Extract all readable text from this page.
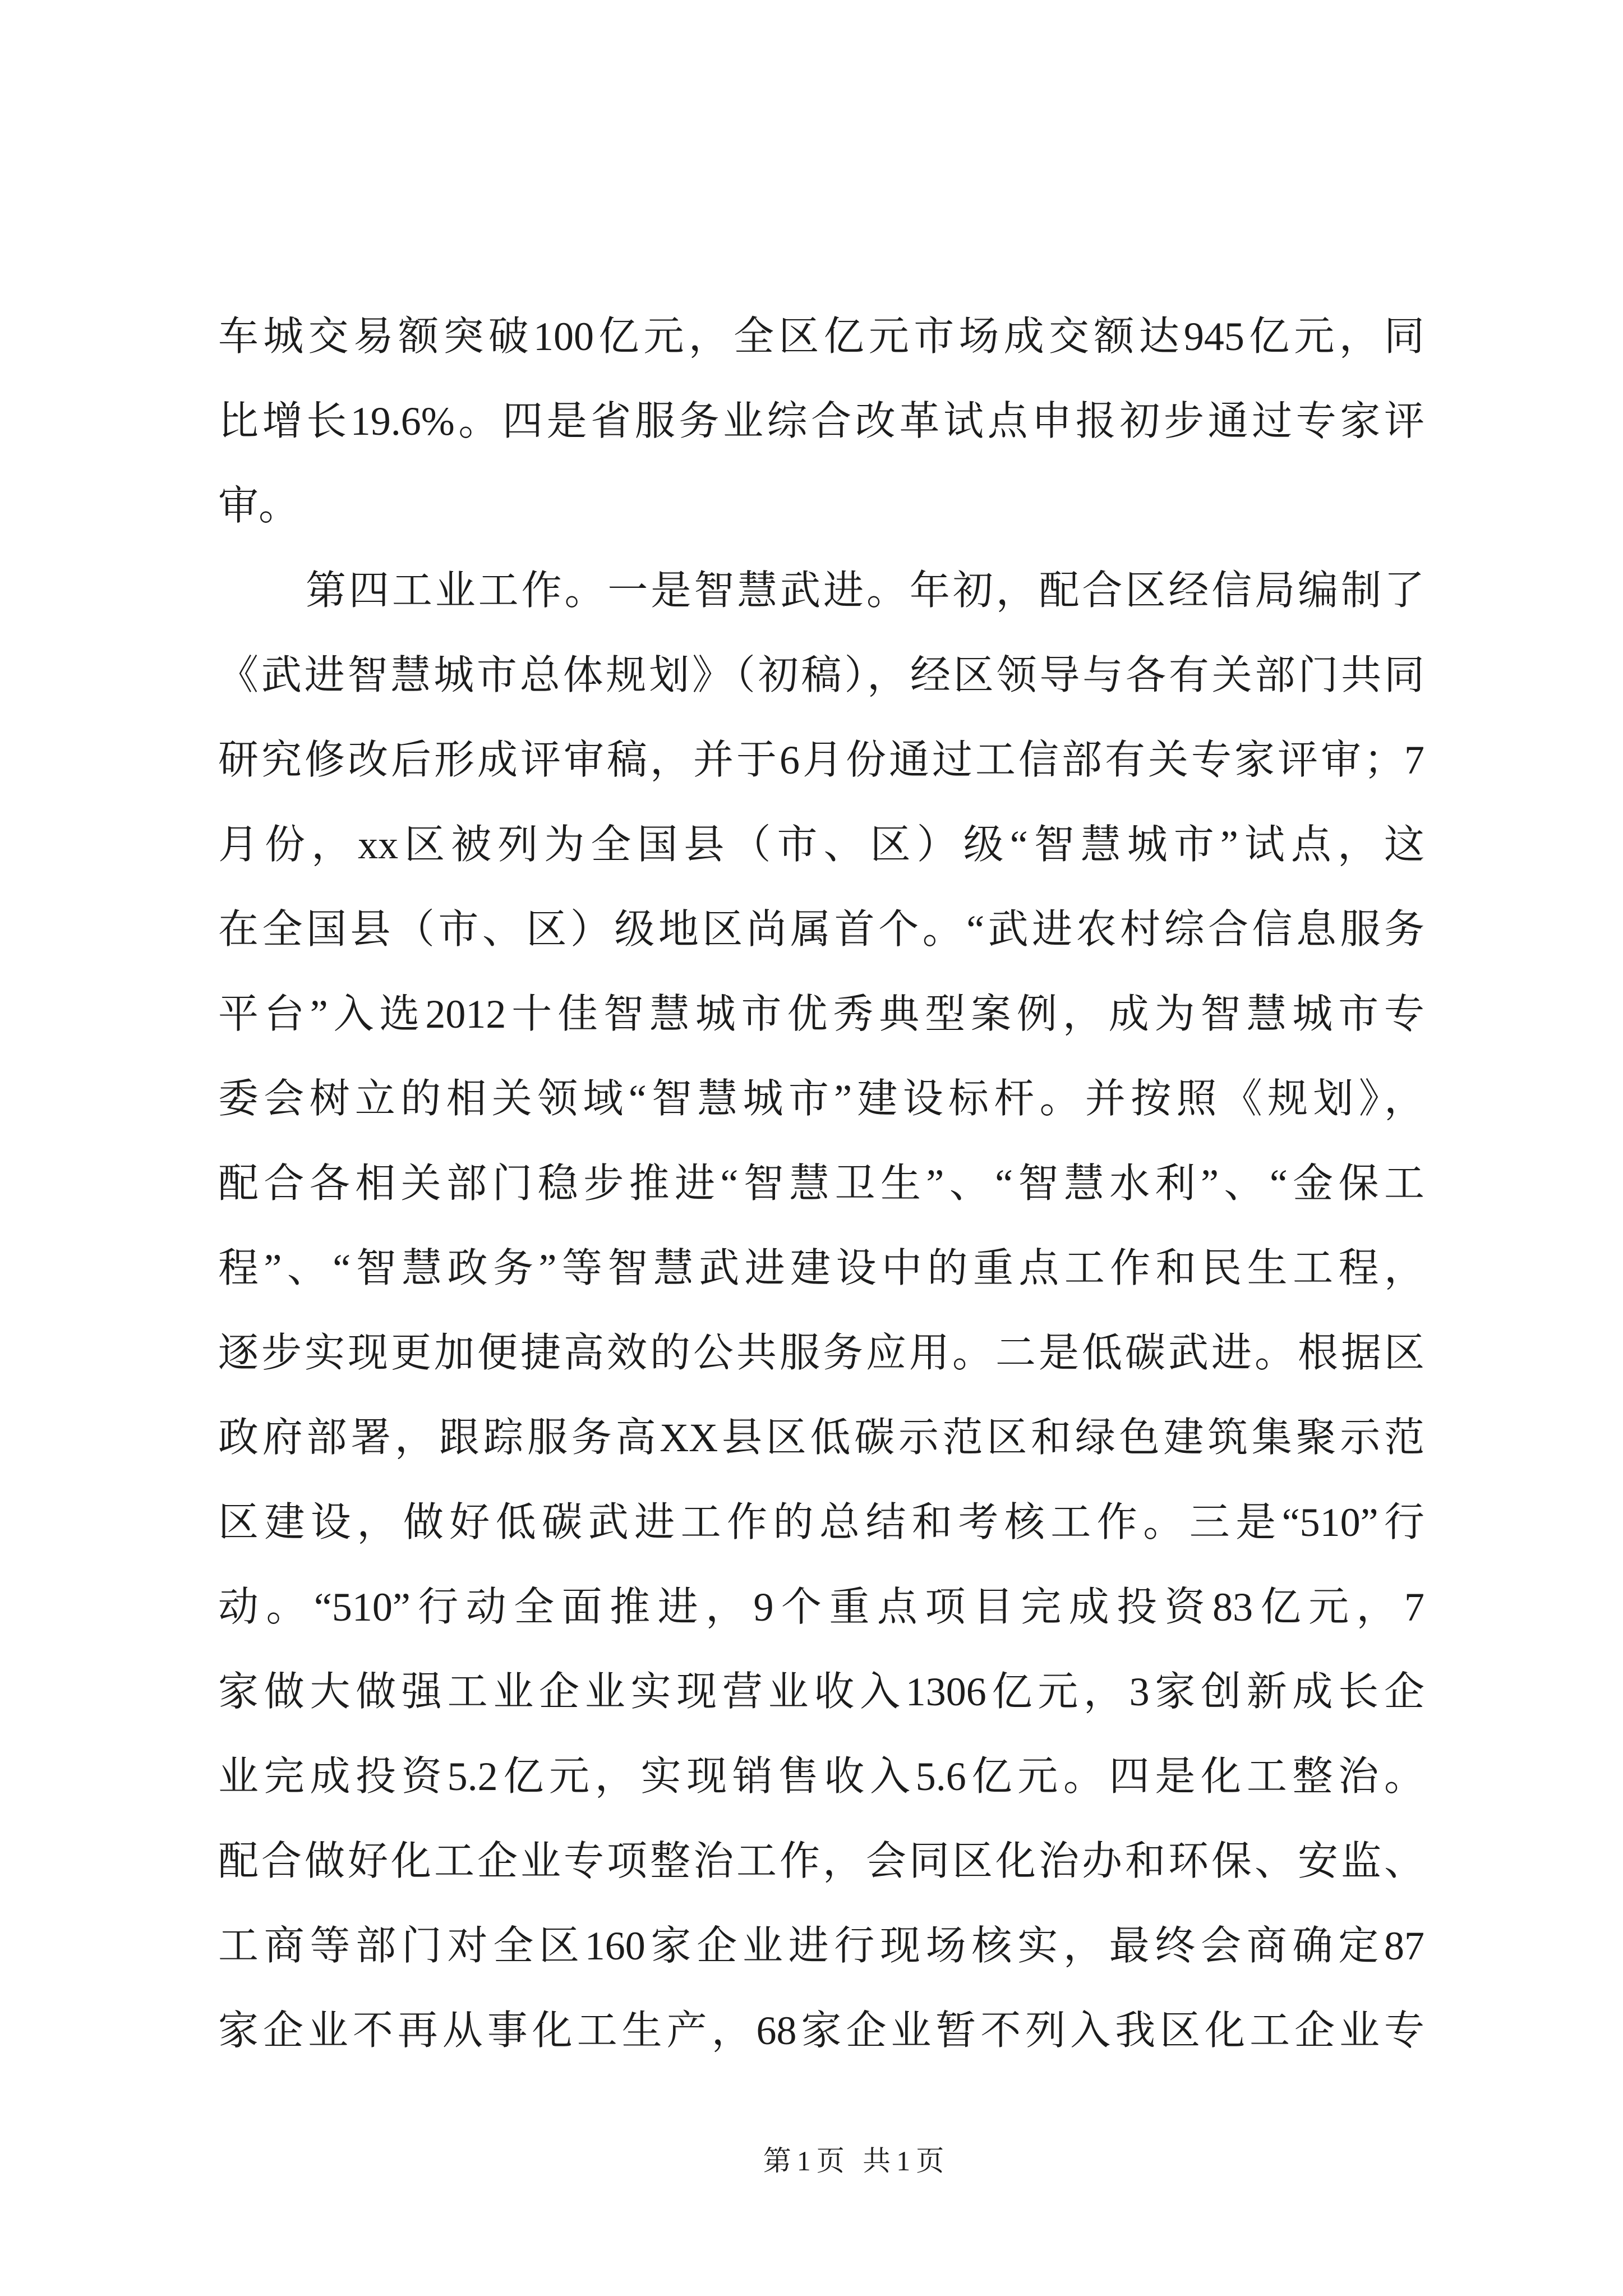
车城交易额突破100亿元，全区亿元市场成交额达945亿元，同
比增长19.6%。四是省服务业综合改革试点申报初步通过专家评
审。
第四工业工作。一是智慧武进。年初，配合区经信局编制了
《武进智慧城市总体规划》（初稿），经区领导与各有关部门共同
研究修改后形成评审稿，并于6月份通过工信部有关专家评审；7
月份，xx区被列为全国县（市、区）级“智慧城市”试点，这
在全国县（市、区）级地区尚属首个。“武进农村综合信息服务
平台”入选2012十佳智慧城市优秀典型案例，成为智慧城市专
委会树立的相关领域“智慧城市”建设标杆。并按照《规划》，
配合各相关部门稳步推进“智慧卫生”、“智慧水利”、“金保工
程”、“智慧政务”等智慧武进建设中的重点工作和民生工程，
逐步实现更加便捷高效的公共服务应用。二是低碳武进。根据区
政府部署，跟踪服务高XX县区低碳示范区和绿色建筑集聚示范
区建设，做好低碳武进工作的总结和考核工作。三是“510”行
动。“510”行动全面推进，9个重点项目完成投资83亿元，7
家做大做强工业企业实现营业收入1306亿元，3家创新成长企
业完成投资5.2亿元，实现销售收入5.6亿元。四是化工整治。
配合做好化工企业专项整治工作，会同区化治办和环保、安监、
工商等部门对全区160家企业进行现场核实，最终会商确定87
家企业不再从事化工生产，68家企业暂不列入我区化工企业专
第1页 共1页
